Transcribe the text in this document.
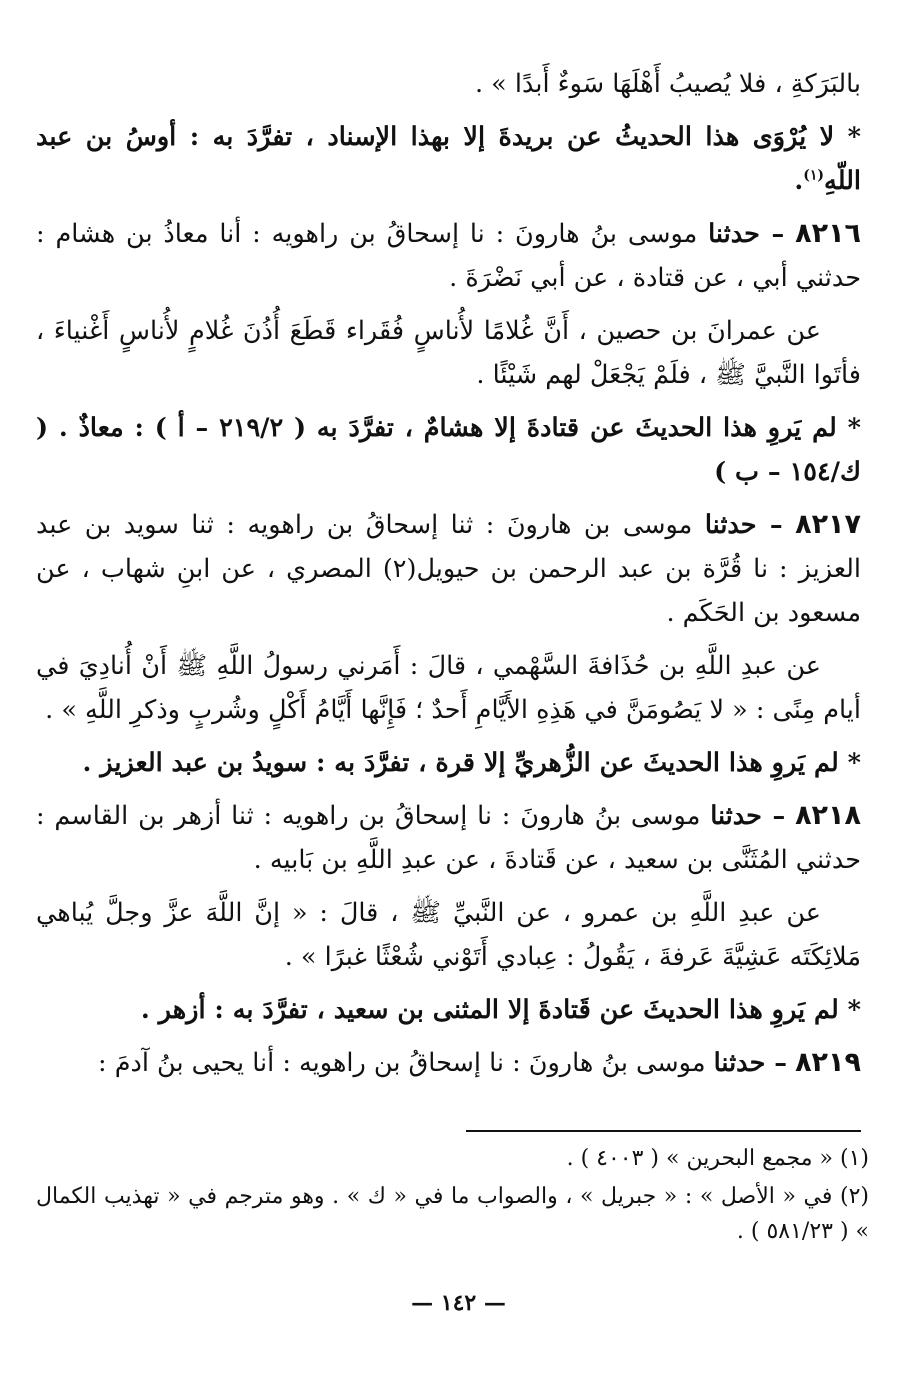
بالبَرَكةِ ، فلا يُصيبُ أَهْلَهَا سَوءٌ أَبدًا » .

* لا يُرْوَى هذا الحديثُ عن بريدةَ إلا بهذا الإسناد ، تفرَّدَ به : أوسُ بن عبد اللّهِ$^{(١)}$.

٨٢١٦ – حدثنا موسى بنُ هارونَ : نا إسحاقُ بن راهويه : أنا معاذُ بن هشام : حدثني أبي ، عن قتادة ، عن أبي نَضْرَةَ .

عن عمرانَ بن حصين ، أَنَّ غُلامًا لأُناسٍ فُقَراء قَطَعَ أُذُنَ غُلامٍ لأُناسٍ أَغْنياءَ ، فأتَوا النَّبيَّ ﷺ ، فلَمْ يَجْعَلْ لهم شَيْئًا .

* لم يَروِ هذا الحديثَ عن قتادةَ إلا هشامٌ ، تفرَّدَ به ( ٢١٩/٢ – أ ) : معاذٌ . ( ك/١٥٤ – ب )

٨٢١٧ – حدثنا موسى بن هارونَ : ثنا إسحاقُ بن راهويه : ثنا سويد بن عبد العزيز : نا قُرَّة بن عبد الرحمن بن حيويل(٢) المصري ، عن ابنِ شهاب ، عن مسعود بن الحَكَم .

عن عبدِ اللَّهِ بن حُذَافةَ السَّهْمي ، قالَ : أَمَرني رسولُ اللَّهِ ﷺ أَنْ أُنادِيَ في أيام مِنًى : « لا يَصُومَنَّ في هَذِهِ الأَيَّامِ أَحدٌ ؛ فَإِنَّها أَيَّامُ أَكْلٍ وشُربٍ وذكرِ اللَّهِ » .

* لم يَروِ هذا الحديثَ عن الزُّهريِّ إلا قرة ، تفرَّدَ به : سويدُ بن عبد العزيز .

٨٢١٨ – حدثنا موسى بنُ هارونَ : نا إسحاقُ بن راهويه : ثنا أزهر بن القاسم : حدثني المُثَنَّى بن سعيد ، عن قَتادةَ ، عن عبدِ اللَّهِ بن بَابيه .

عن عبدِ اللَّهِ بن عمرو ، عن النَّبيِّ ﷺ ، قالَ : « إنَّ اللَّهَ عزَّ وجلَّ يُباهي مَلائِكَتَه عَشِيَّةَ عَرفةَ ، يَقُولُ : عِبادي أَتَوْني شُعْثًا غبرًا » .

* لم يَروِ هذا الحديثَ عن قَتادةَ إلا المثنى بن سعيد ، تفرَّدَ به : أزهر .

٨٢١٩ – حدثنا موسى بنُ هارونَ : نا إسحاقُ بن راهويه : أنا يحيى بنُ آدمَ :

(١) « مجمع البحرين » ( ٤٠٠٣ ) .

(٢) في « الأصل » : « جبريل » ، والصواب ما في « ك » . وهو مترجم في « تهذيب الكمال » ( ٥٨١/٢٣ ) .

— ١٤٢ —
